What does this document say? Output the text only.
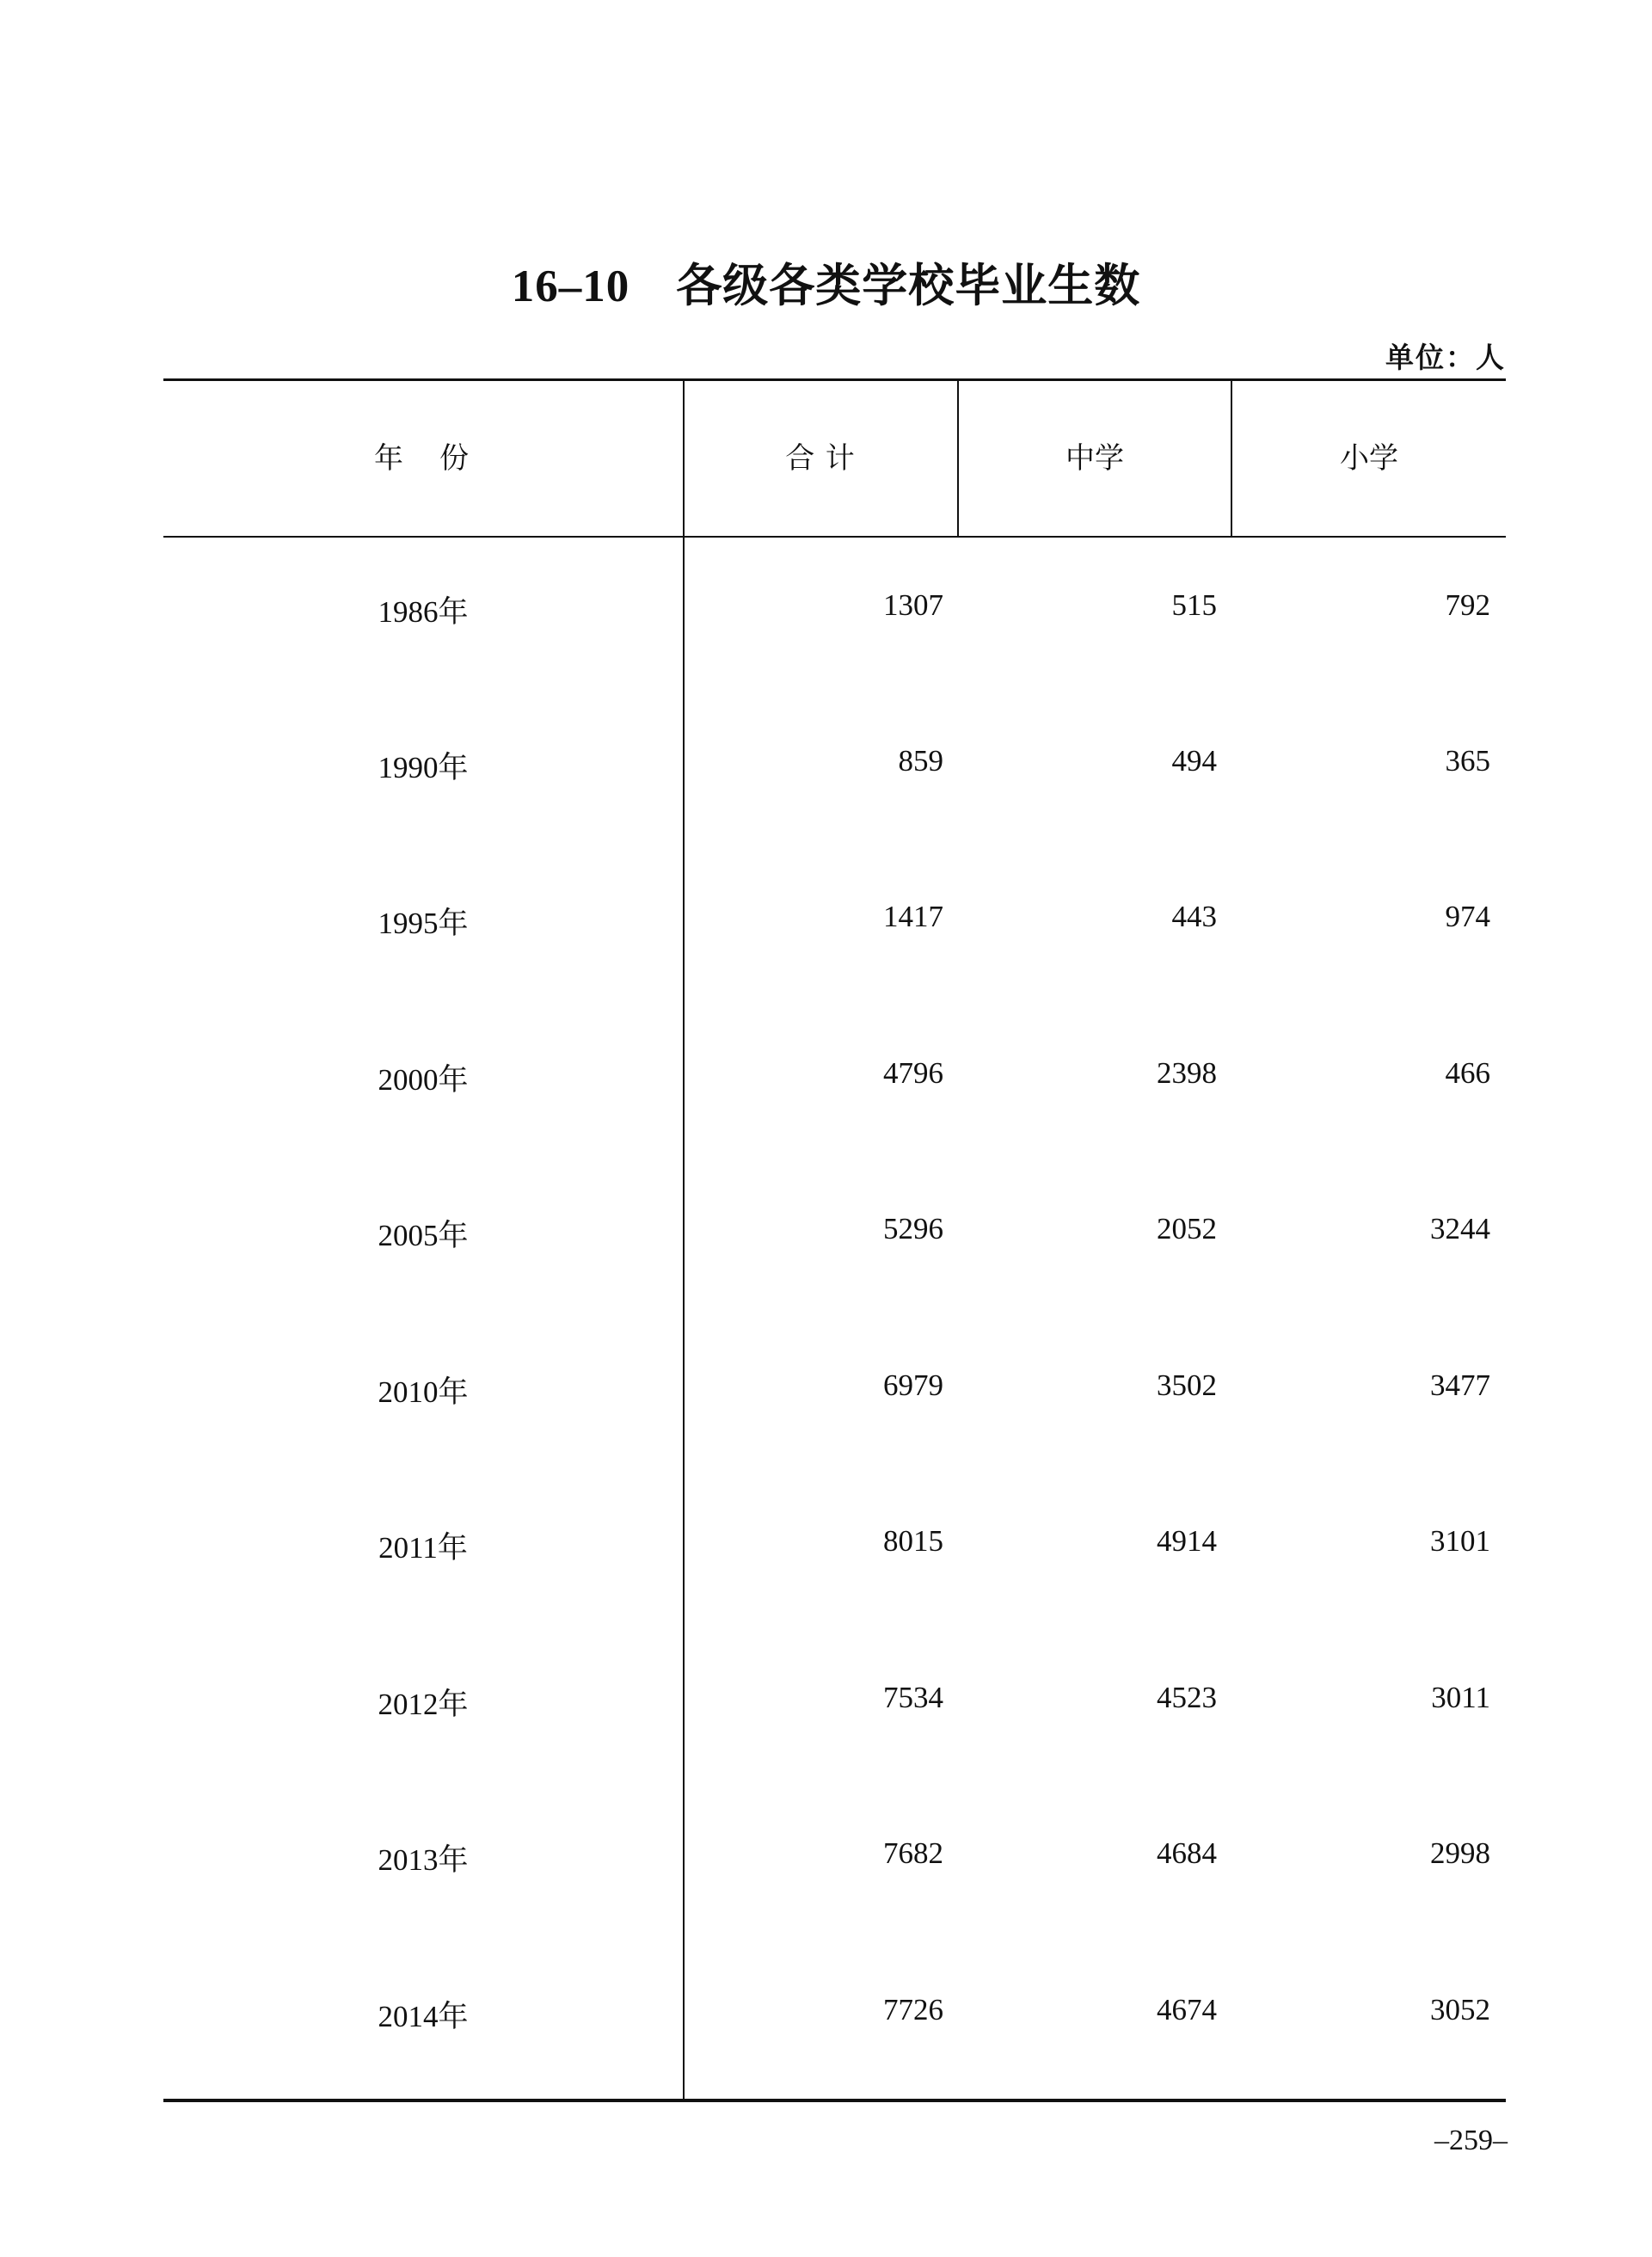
16–10　各级各类学校毕业生数
单位：人
年　份	合 计	中学	小学
1986年	1307	515	792
1990年	859	494	365
1995年	1417	443	974
2000年	4796	2398	466
2005年	5296	2052	3244
2010年	6979	3502	3477
2011年	8015	4914	3101
2012年	7534	4523	3011
2013年	7682	4684	2998
2014年	7726	4674	3052
–259–
